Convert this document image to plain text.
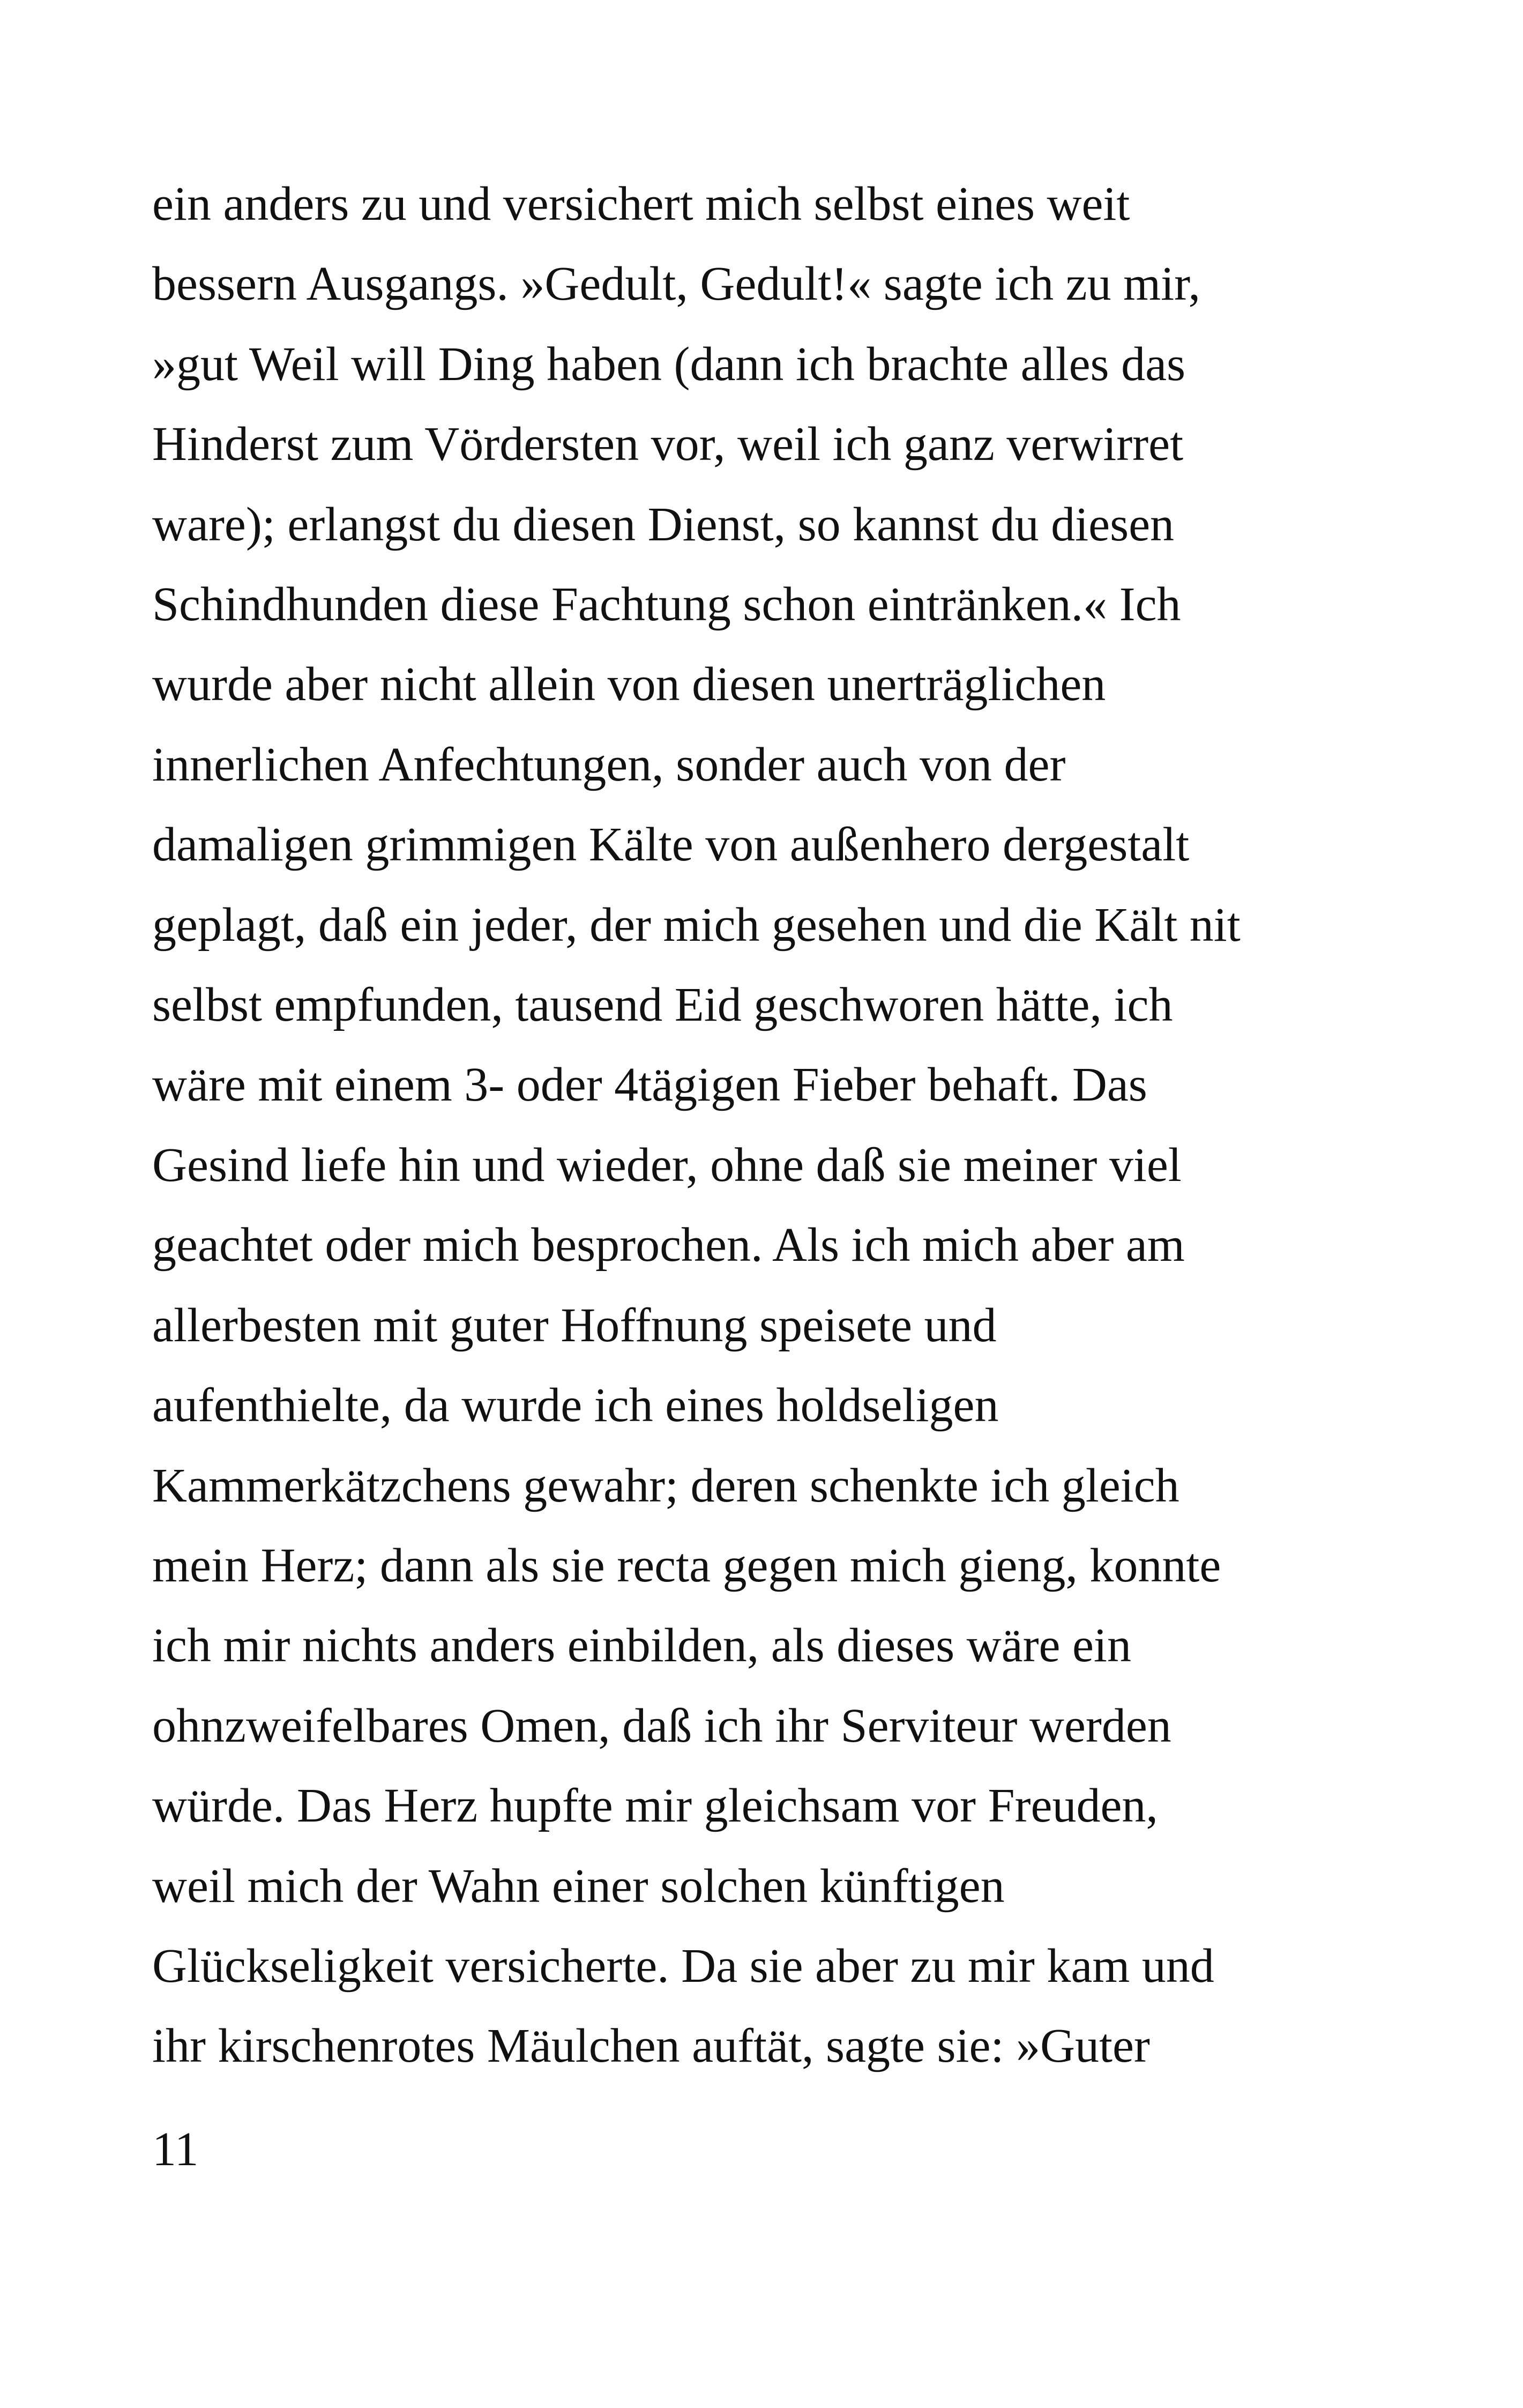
ein anders zu und versichert mich selbst eines weit
bessern Ausgangs. »Gedult, Gedult!« sagte ich zu mir,
»gut Weil will Ding haben (dann ich brachte alles das
Hinderst zum Vördersten vor, weil ich ganz verwirret
ware); erlangst du diesen Dienst, so kannst du diesen
Schindhunden diese Fachtung schon eintränken.« Ich
wurde aber nicht allein von diesen unerträglichen
innerlichen Anfechtungen, sonder auch von der
damaligen grimmigen Kälte von außenhero dergestalt
geplagt, daß ein jeder, der mich gesehen und die Kält nit
selbst empfunden, tausend Eid geschworen hätte, ich
wäre mit einem 3- oder 4tägigen Fieber behaft. Das
Gesind liefe hin und wieder, ohne daß sie meiner viel
geachtet oder mich besprochen. Als ich mich aber am
allerbesten mit guter Hoffnung speisete und
aufenthielte, da wurde ich eines holdseligen
Kammerkätzchens gewahr; deren schenkte ich gleich
mein Herz; dann als sie recta gegen mich gieng, konnte
ich mir nichts anders einbilden, als dieses wäre ein
ohnzweifelbares Omen, daß ich ihr Serviteur werden
würde. Das Herz hupfte mir gleichsam vor Freuden,
weil mich der Wahn einer solchen künftigen
Glückseligkeit versicherte. Da sie aber zu mir kam und
ihr kirschenrotes Mäulchen auftät, sagte sie: »Guter
11
